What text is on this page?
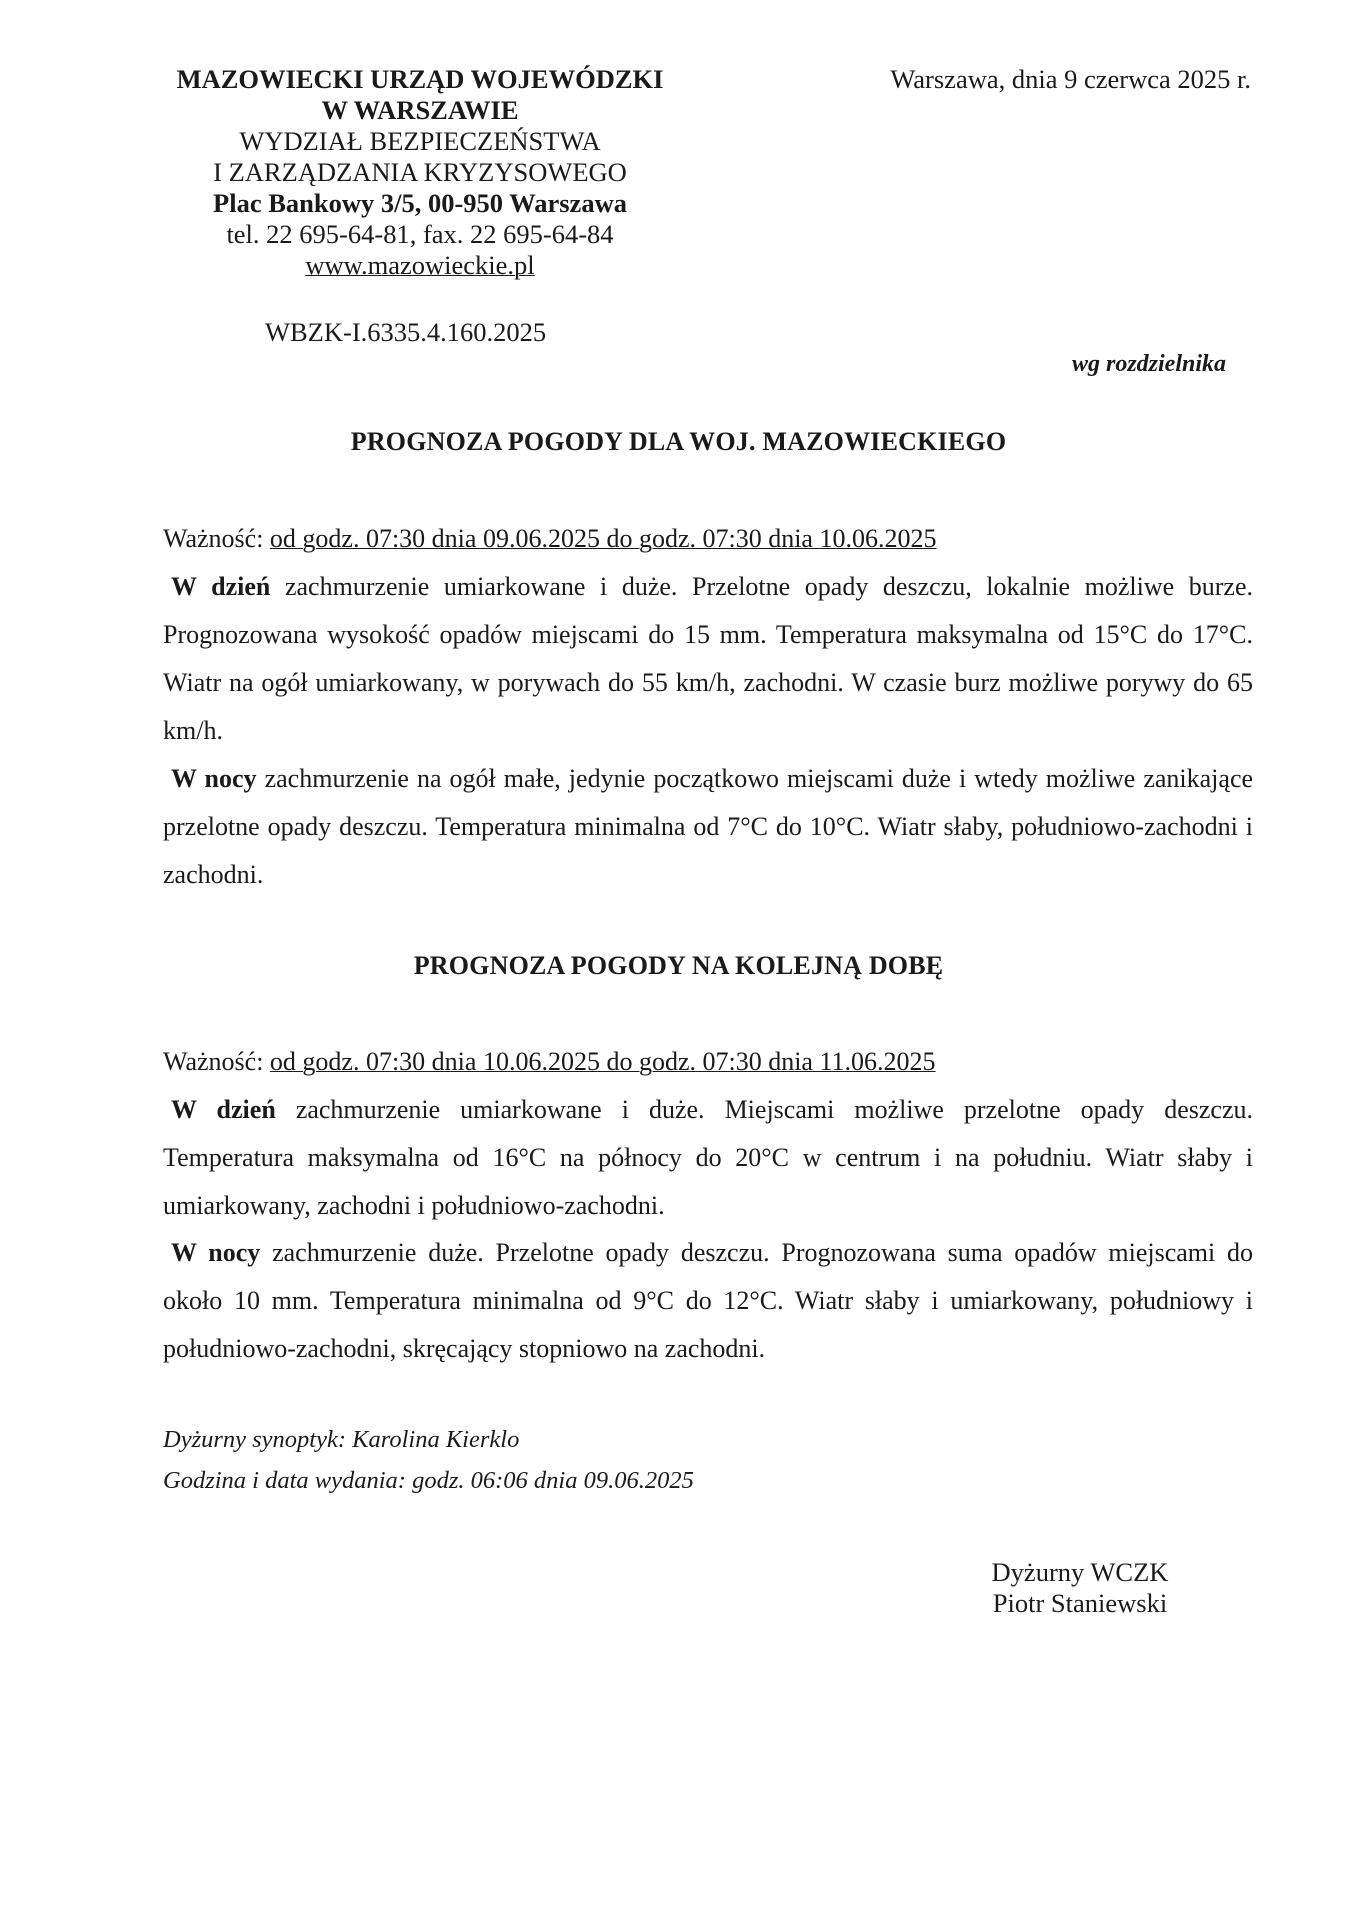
MAZOWIECKI URZĄD WOJEWÓDZKI
W WARSZAWIE
WYDZIAŁ BEZPIECZEŃSTWA
I ZARZĄDZANIA KRYZYSOWEGO
Plac Bankowy 3/5, 00-950 Warszawa
tel. 22 695-64-81, fax. 22 695-64-84
www.mazowieckie.pl
WBZK-I.6335.4.160.2025
Warszawa, dnia 9 czerwca 2025 r.
wg rozdzielnika
PROGNOZA POGODY DLA WOJ. MAZOWIECKIEGO
Ważność: od godz. 07:30 dnia 09.06.2025 do godz. 07:30 dnia 10.06.2025
W dzień zachmurzenie umiarkowane i duże. Przelotne opady deszczu, lokalnie możliwe burze. Prognozowana wysokość opadów miejscami do 15 mm. Temperatura maksymalna od 15°C do 17°C. Wiatr na ogół umiarkowany, w porywach do 55 km/h, zachodni. W czasie burz możliwe porywy do 65 km/h.
W nocy zachmurzenie na ogół małe, jedynie początkowo miejscami duże i wtedy możliwe zanikające przelotne opady deszczu. Temperatura minimalna od 7°C do 10°C. Wiatr słaby, południowo-zachodni i zachodni.
PROGNOZA POGODY NA KOLEJNĄ DOBĘ
Ważność: od godz. 07:30 dnia 10.06.2025 do godz. 07:30 dnia 11.06.2025
W dzień zachmurzenie umiarkowane i duże. Miejscami możliwe przelotne opady deszczu. Temperatura maksymalna od 16°C na północy do 20°C w centrum i na południu. Wiatr słaby i umiarkowany, zachodni i południowo-zachodni.
W nocy zachmurzenie duże. Przelotne opady deszczu. Prognozowana suma opadów miejscami do około 10 mm. Temperatura minimalna od 9°C do 12°C. Wiatr słaby i umiarkowany, południowy i południowo-zachodni, skręcający stopniowo na zachodni.
Dyżurny synoptyk: Karolina Kierklo
Godzina i data wydania: godz. 06:06 dnia 09.06.2025
Dyżurny WCZK
Piotr Staniewski
